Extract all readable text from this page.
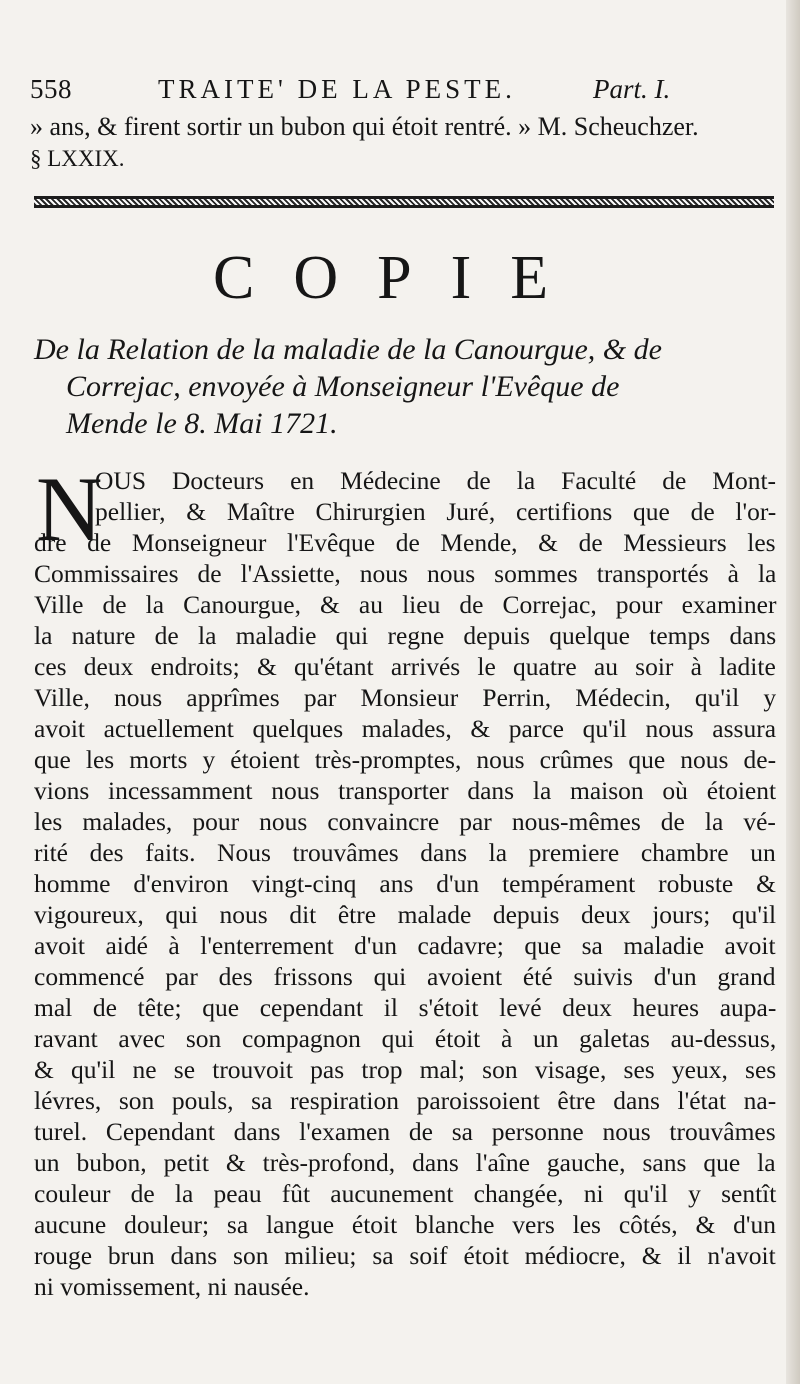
558	TRAITE' DE LA PESTE.	Part. I.
» ans, & firent sortir un bubon qui étoit rentré. » M. Scheuchzer.
§ LXXIX.
COPIE
De la Relation de la maladie de la Canourgue, & de
Correjac, envoyée à Monseigneur l'Evêque de
Mende le 8. Mai 1721.
N
OUS Docteurs en Médecine de la Faculté de Mont-
pellier, & Maître Chirurgien Juré, certifions que de l'or-
dre de Monseigneur l'Evêque de Mende, & de Messieurs les
Commissaires de l'Assiette, nous nous sommes transportés à la
Ville de la Canourgue, & au lieu de Correjac, pour examiner
la nature de la maladie qui regne depuis quelque temps dans
ces deux endroits; & qu'étant arrivés le quatre au soir à ladite
Ville, nous apprîmes par Monsieur Perrin, Médecin, qu'il y
avoit actuellement quelques malades, & parce qu'il nous assura
que les morts y étoient très-promptes, nous crûmes que nous de-
vions incessamment nous transporter dans la maison où étoient
les malades, pour nous convaincre par nous-mêmes de la vé-
rité des faits. Nous trouvâmes dans la premiere chambre un
homme d'environ vingt-cinq ans d'un tempérament robuste &
vigoureux, qui nous dit être malade depuis deux jours; qu'il
avoit aidé à l'enterrement d'un cadavre; que sa maladie avoit
commencé par des frissons qui avoient été suivis d'un grand
mal de tête; que cependant il s'étoit levé deux heures aupa-
ravant avec son compagnon qui étoit à un galetas au-dessus,
& qu'il ne se trouvoit pas trop mal; son visage, ses yeux, ses
lévres, son pouls, sa respiration paroissoient être dans l'état na-
turel. Cependant dans l'examen de sa personne nous trouvâmes
un bubon, petit & très-profond, dans l'aîne gauche, sans que la
couleur de la peau fût aucunement changée, ni qu'il y sentît
aucune douleur; sa langue étoit blanche vers les côtés, & d'un
rouge brun dans son milieu; sa soif étoit médiocre, & il n'avoit
ni vomissement, ni nausée.
